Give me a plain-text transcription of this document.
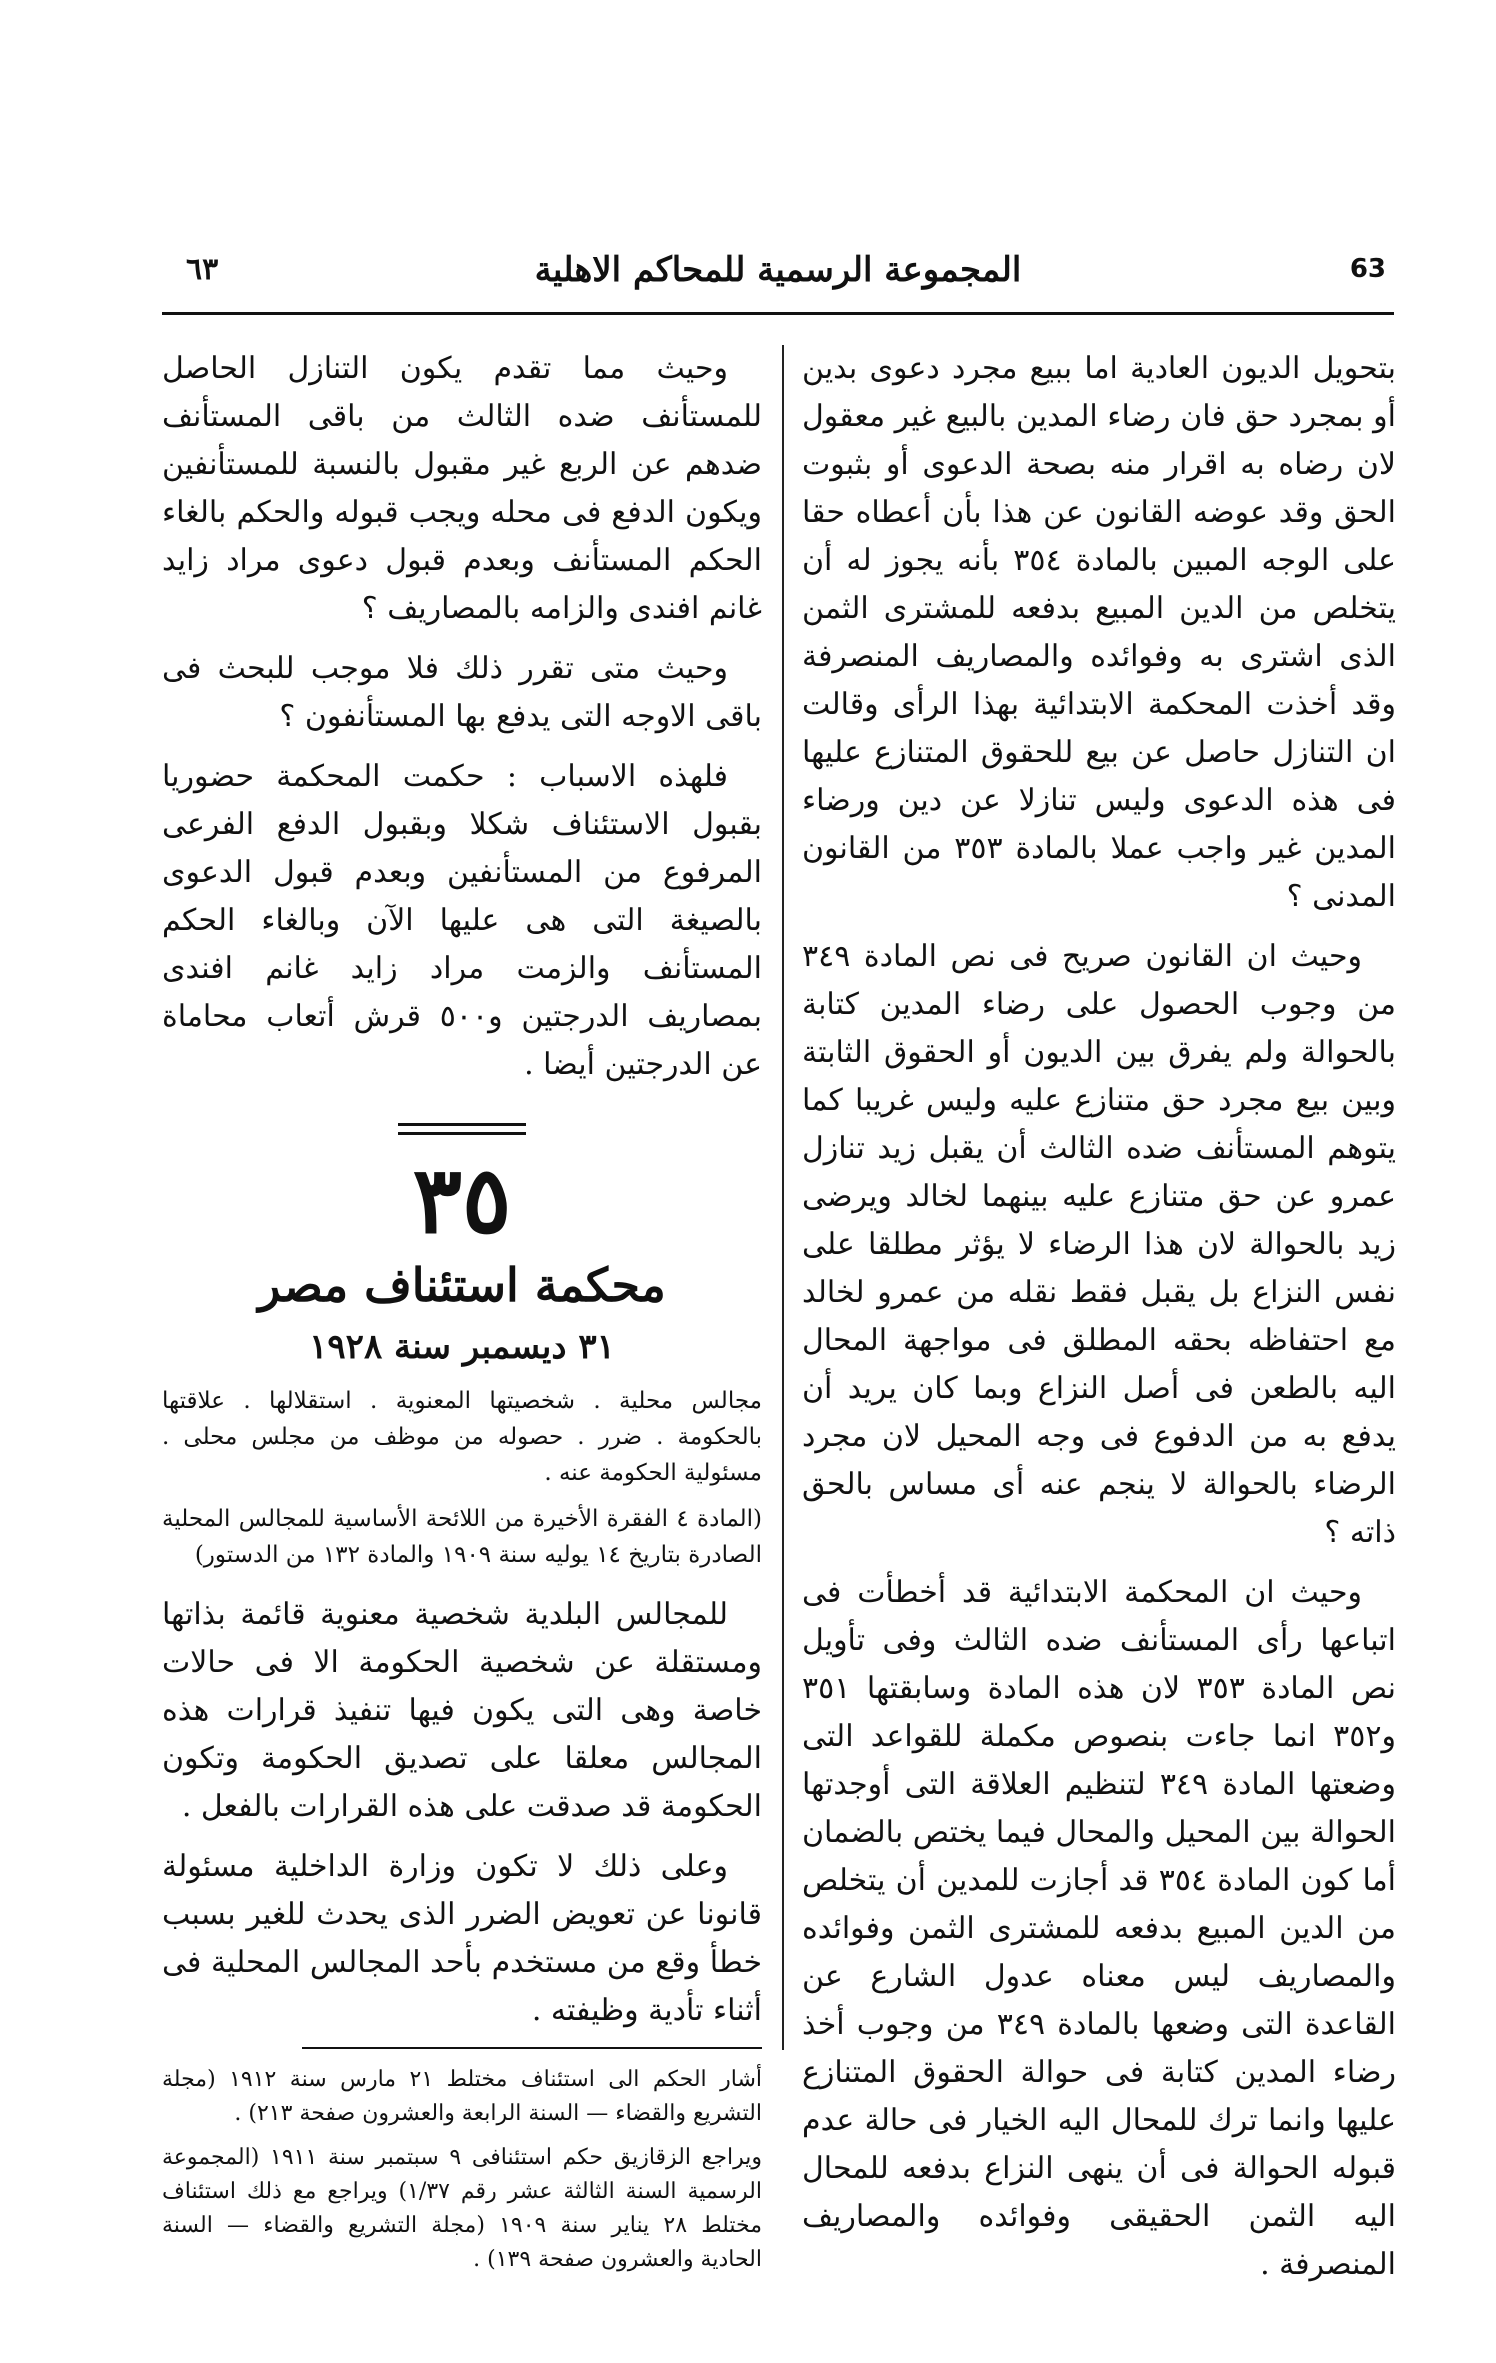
٦٣	المجموعة الرسمية للمحاكم الاهلية	63

بتحويل الديون العادية اما ببيع مجرد دعوى بدين أو بمجرد حق فان رضاء المدين بالبيع غير معقول لان رضاه به اقرار منه بصحة الدعوى أو بثبوت الحق وقد عوضه القانون عن هذا بأن أعطاه حقا على الوجه المبين بالمادة ٣٥٤ بأنه يجوز له أن يتخلص من الدين المبيع بدفعه للمشترى الثمن الذى اشترى به وفوائده والمصاريف المنصرفة وقد أخذت المحكمة الابتدائية بهذا الرأى وقالت ان التنازل حاصل عن بيع للحقوق المتنازع عليها فى هذه الدعوى وليس تنازلا عن دين ورضاء المدين غير واجب عملا بالمادة ٣٥٣ من القانون المدنى ؟

وحيث ان القانون صريح فى نص المادة ٣٤٩ من وجوب الحصول على رضاء المدين كتابة بالحوالة ولم يفرق بين الديون أو الحقوق الثابتة وبين بيع مجرد حق متنازع عليه وليس غريبا كما يتوهم المستأنف ضده الثالث أن يقبل زيد تنازل عمرو عن حق متنازع عليه بينهما لخالد ويرضى زيد بالحوالة لان هذا الرضاء لا يؤثر مطلقا على نفس النزاع بل يقبل فقط نقله من عمرو لخالد مع احتفاظه بحقه المطلق فى مواجهة المحال اليه بالطعن فى أصل النزاع وبما كان يريد أن يدفع به من الدفوع فى وجه المحيل لان مجرد الرضاء بالحوالة لا ينجم عنه أى مساس بالحق ذاته ؟

وحيث ان المحكمة الابتدائية قد أخطأت فى اتباعها رأى المستأنف ضده الثالث وفى تأويل نص المادة ٣٥٣ لان هذه المادة وسابقتها ٣٥١ و٣٥٢ انما جاءت بنصوص مكملة للقواعد التى وضعتها المادة ٣٤٩ لتنظيم العلاقة التى أوجدتها الحوالة بين المحيل والمحال فيما يختص بالضمان أما كون المادة ٣٥٤ قد أجازت للمدين أن يتخلص من الدين المبيع بدفعه للمشترى الثمن وفوائده والمصاريف ليس معناه عدول الشارع عن القاعدة التى وضعها بالمادة ٣٤٩ من وجوب أخذ رضاء المدين كتابة فى حوالة الحقوق المتنازع عليها وانما ترك للمحال اليه الخيار فى حالة عدم قبوله الحوالة فى أن ينهى النزاع بدفعه للمحال اليه الثمن الحقيقى وفوائده والمصاريف المنصرفة .

وحيث مما تقدم يكون التنازل الحاصل للمستأنف ضده الثالث من باقى المستأنف ضدهم عن الربع غير مقبول بالنسبة للمستأنفين ويكون الدفع فى محله ويجب قبوله والحكم بالغاء الحكم المستأنف وبعدم قبول دعوى مراد زايد غانم افندى والزامه بالمصاريف ؟

وحيث متى تقرر ذلك فلا موجب للبحث فى باقى الاوجه التى يدفع بها المستأنفون ؟

فلهذه الاسباب : حكمت المحكمة حضوريا بقبول الاستئناف شكلا وبقبول الدفع الفرعى المرفوع من المستأنفين وبعدم قبول الدعوى بالصيغة التى هى عليها الآن وبالغاء الحكم المستأنف والزمت مراد زايد غانم افندى بمصاريف الدرجتين و٥٠٠ قرش أتعاب محاماة عن الدرجتين أيضا .

٣٥
محكمة استئناف مصر
٣١ ديسمبر سنة ١٩٢٨

مجالس محلية . شخصيتها المعنوية . استقلالها . علاقتها بالحكومة . ضرر . حصوله من موظف من مجلس محلى . مسئولية الحكومة عنه .

(المادة ٤ الفقرة الأخيرة من اللائحة الأساسية للمجالس المحلية الصادرة بتاريخ ١٤ يوليه سنة ١٩٠٩ والمادة ١٣٢ من الدستور)

للمجالس البلدية شخصية معنوية قائمة بذاتها ومستقلة عن شخصية الحكومة الا فى حالات خاصة وهى التى يكون فيها تنفيذ قرارات هذه المجالس معلقا على تصديق الحكومة وتكون الحكومة قد صدقت على هذه القرارات بالفعل .

وعلى ذلك لا تكون وزارة الداخلية مسئولة قانونا عن تعويض الضرر الذى يحدث للغير بسبب خطأ وقع من مستخدم بأحد المجالس المحلية فى أثناء تأدية وظيفته .

أشار الحكم الى استئناف مختلط ٢١ مارس سنة ١٩١٢ (مجلة التشريع والقضاء — السنة الرابعة والعشرون صفحة ٢١٣) .

ويراجع الزقازيق حكم استئنافى ٩ سبتمبر سنة ١٩١١ (المجموعة الرسمية السنة الثالثة عشر رقم ١/٣٧) ويراجع مع ذلك استئناف مختلط ٢٨ يناير سنة ١٩٠٩ (مجلة التشريع والقضاء — السنة الحادية والعشرون صفحة ١٣٩) .
